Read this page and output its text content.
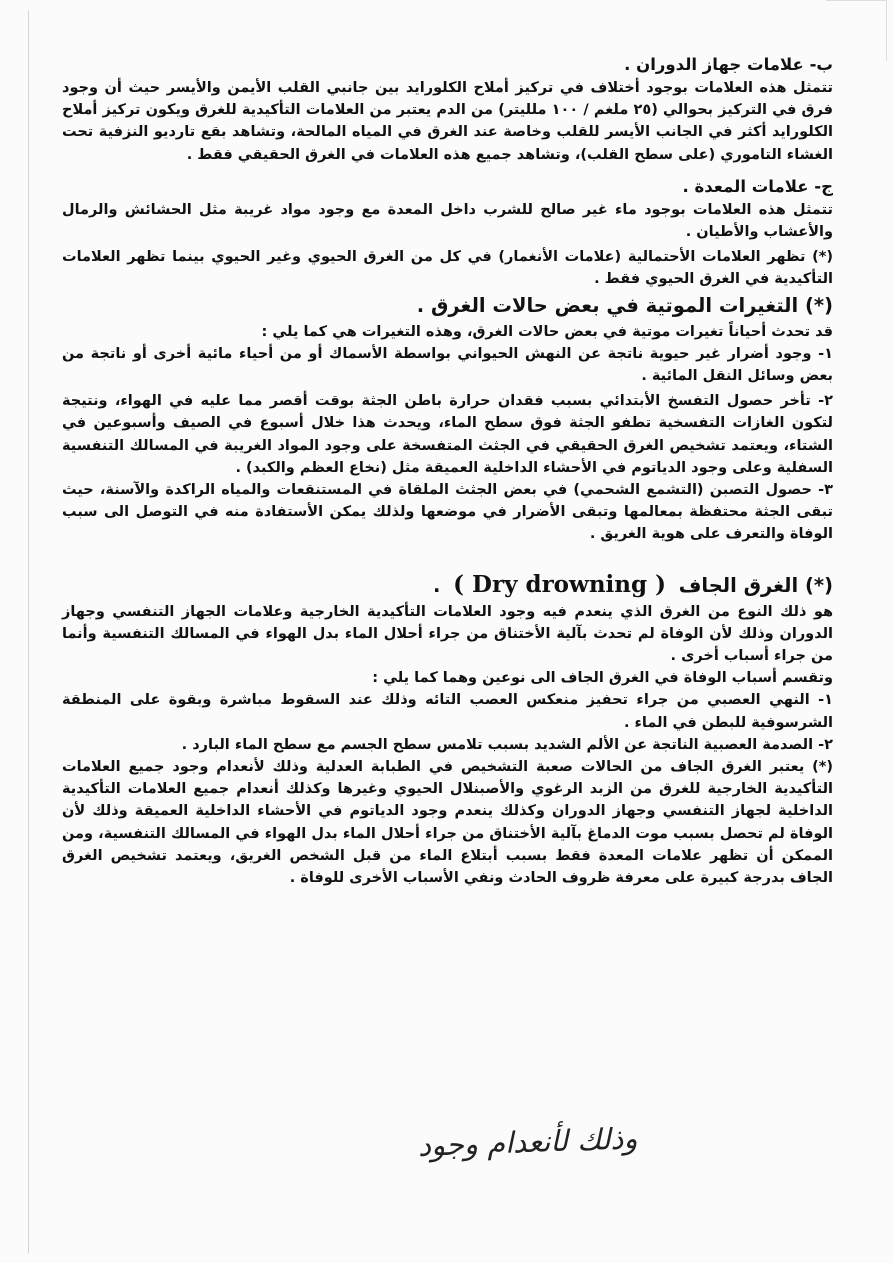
ب- علامات جهاز الدوران .

تتمثل هذه العلامات بوجود أختلاف في تركيز أملاح الكلورايد بين جانبي القلب الأيمن والأيسر حيث أن وجود فرق في التركيز بحوالي (٢٥ ملغم / ١٠٠ ملليتر) من الدم يعتبر من العلامات التأكيدية للغرق ويكون تركيز أملاح الكلورايد أكثر في الجانب الأيسر للقلب وخاصة عند الغرق في المياه المالحة، وتشاهد بقع تارديو النزفية تحت الغشاء التاموري (على سطح القلب)، وتشاهد جميع هذه العلامات في الغرق الحقيقي فقط .

ج- علامات المعدة .

تتمثل هذه العلامات بوجود ماء غير صالح للشرب داخل المعدة مع وجود مواد غريبة مثل الحشائش والرمال والأعشاب والأطيان .

(*) تظهر العلامات الأحتمالية (علامات الأنغمار) في كل من الغرق الحيوي وغير الحيوي بينما تظهر العلامات التأكيدية في الغرق الحيوي فقط .

(*) التغيرات الموتية في بعض حالات الغرق .

قد تحدث أحياناً تغيرات موتية في بعض حالات الغرق، وهذه التغيرات هي كما يلي :

١- وجود أضرار غير حيوية ناتجة عن النهش الحيواني بواسطة الأسماك أو من أحياء مائية أخرى أو ناتجة من بعض وسائل النقل المائية .

٢- تأخر حصول التفسخ الأبتدائي بسبب فقدان حرارة باطن الجثة بوقت أقصر مما عليه في الهواء، ونتيجة لتكون الغازات التفسخية تطفو الجثة فوق سطح الماء، ويحدث هذا خلال أسبوع في الصيف وأسبوعين في الشتاء، ويعتمد تشخيص الغرق الحقيقي في الجثث المتفسخة على وجود المواد الغريبة في المسالك التنفسية السفلية وعلى وجود الدياتوم في الأحشاء الداخلية العميقة مثل (نخاع العظم والكبد) .

٣- حصول التصبن (التشمع الشحمي) في بعض الجثث الملقاة في المستنقعات والمياه الراكدة والآسنة، حيث تبقى الجثة محتفظة بمعالمها وتبقى الأضرار في موضعها ولذلك يمكن الأستفادة منه في التوصل الى سبب الوفاة والتعرف على هوية الغريق .

(*) الغرق الجاف ( Dry drowning ) .

هو ذلك النوع من الغرق الذي ينعدم فيه وجود العلامات التأكيدية الخارجية وعلامات الجهاز التنفسي وجهاز الدوران وذلك لأن الوفاة لم تحدث بآلية الأختناق من جراء أحلال الماء بدل الهواء في المسالك التنفسية وأنما من جراء أسباب أخرى .

وتقسم أسباب الوفاة في الغرق الجاف الى نوعين وهما كما يلي :

١- النهي العصبي من جراء تحفيز منعكس العصب التائه وذلك عند السقوط مباشرة وبقوة على المنطقة الشرسوفية للبطن في الماء .

٢- الصدمة العصبية الناتجة عن الألم الشديد بسبب تلامس سطح الجسم مع سطح الماء البارد .

(*) يعتبر الغرق الجاف من الحالات صعبة التشخيص في الطبابة العدلية وذلك لأنعدام وجود جميع العلامات التأكيدية الخارجية للغرق من الزبد الرغوي والأصبنلال الحيوي وغيرها وكذلك أنعدام جميع العلامات التأكيدية الداخلية لجهاز التنفسي وجهاز الدوران وكذلك ينعدم وجود الدياتوم في الأحشاء الداخلية العميقة وذلك لأن الوفاة لم تحصل بسبب موت الدماغ بآلية الأختناق من جراء أحلال الماء بدل الهواء في المسالك التنفسية، ومن الممكن أن تظهر علامات المعدة فقط بسبب أبتلاع الماء من قبل الشخص الغريق، ويعتمد تشخيص الغرق الجاف بدرجة كبيرة على معرفة ظروف الحادث ونفي الأسباب الأخرى للوفاة .

وذلك لأنعدام وجود
